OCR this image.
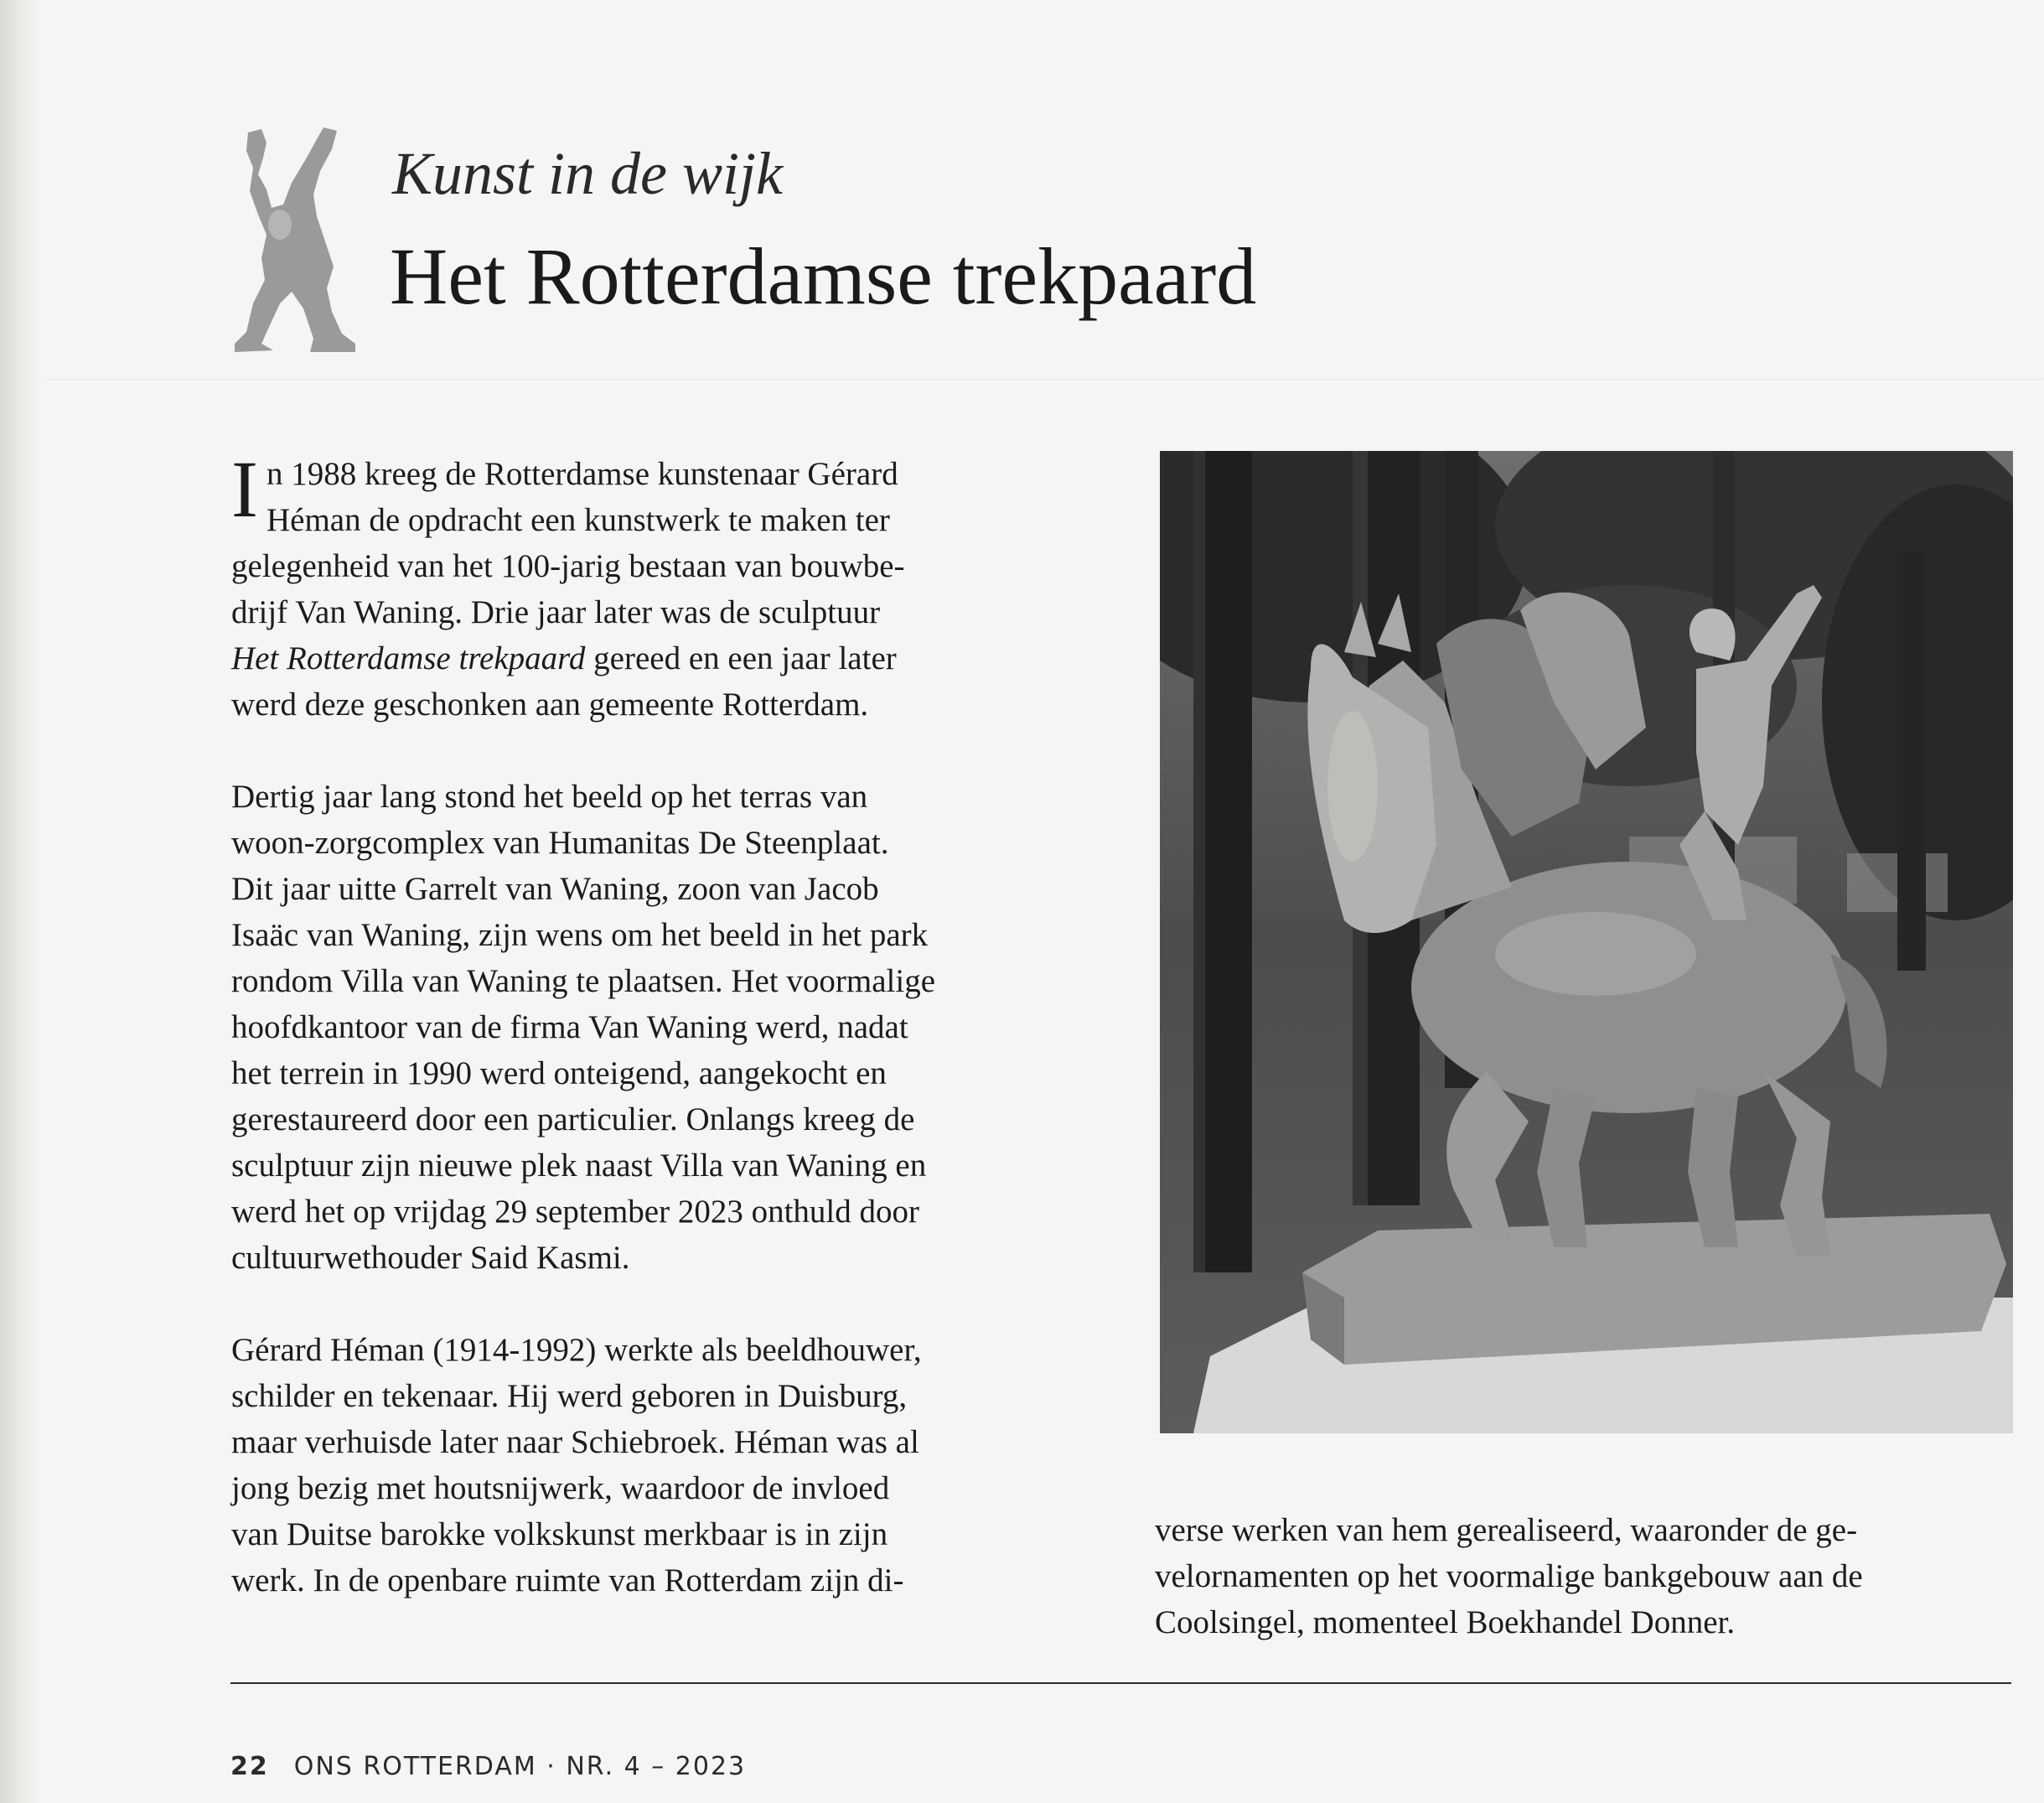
Kunst in de wijk
Het Rotterdamse trekpaard

I n 1988 kreeg de Rotterdamse kunstenaar Gérard
Héman de opdracht een kunstwerk te maken ter
gelegenheid van het 100-jarig bestaan van bouwbe-
drijf Van Waning. Drie jaar later was de sculptuur
Het Rotterdamse trekpaard gereed en een jaar later
werd deze geschonken aan gemeente Rotterdam.

Dertig jaar lang stond het beeld op het terras van
woon-zorgcomplex van Humanitas De Steenplaat.
Dit jaar uitte Garrelt van Waning, zoon van Jacob
Isaäc van Waning, zijn wens om het beeld in het park
rondom Villa van Waning te plaatsen. Het voormalige
hoofdkantoor van de firma Van Waning werd, nadat
het terrein in 1990 werd onteigend, aangekocht en
gerestaureerd door een particulier. Onlangs kreeg de
sculptuur zijn nieuwe plek naast Villa van Waning en
werd het op vrijdag 29 september 2023 onthuld door
cultuurwethouder Said Kasmi.

Gérard Héman (1914-1992) werkte als beeldhouwer,
schilder en tekenaar. Hij werd geboren in Duisburg,
maar verhuisde later naar Schiebroek. Héman was al
jong bezig met houtsnijwerk, waardoor de invloed
van Duitse barokke volkskunst merkbaar is in zijn
werk. In de openbare ruimte van Rotterdam zijn di-

verse werken van hem gerealiseerd, waaronder de ge-
velornamenten op het voormalige bankgebouw aan de
Coolsingel, momenteel Boekhandel Donner.

22 ONS ROTTERDAM · NR. 4 – 2023
